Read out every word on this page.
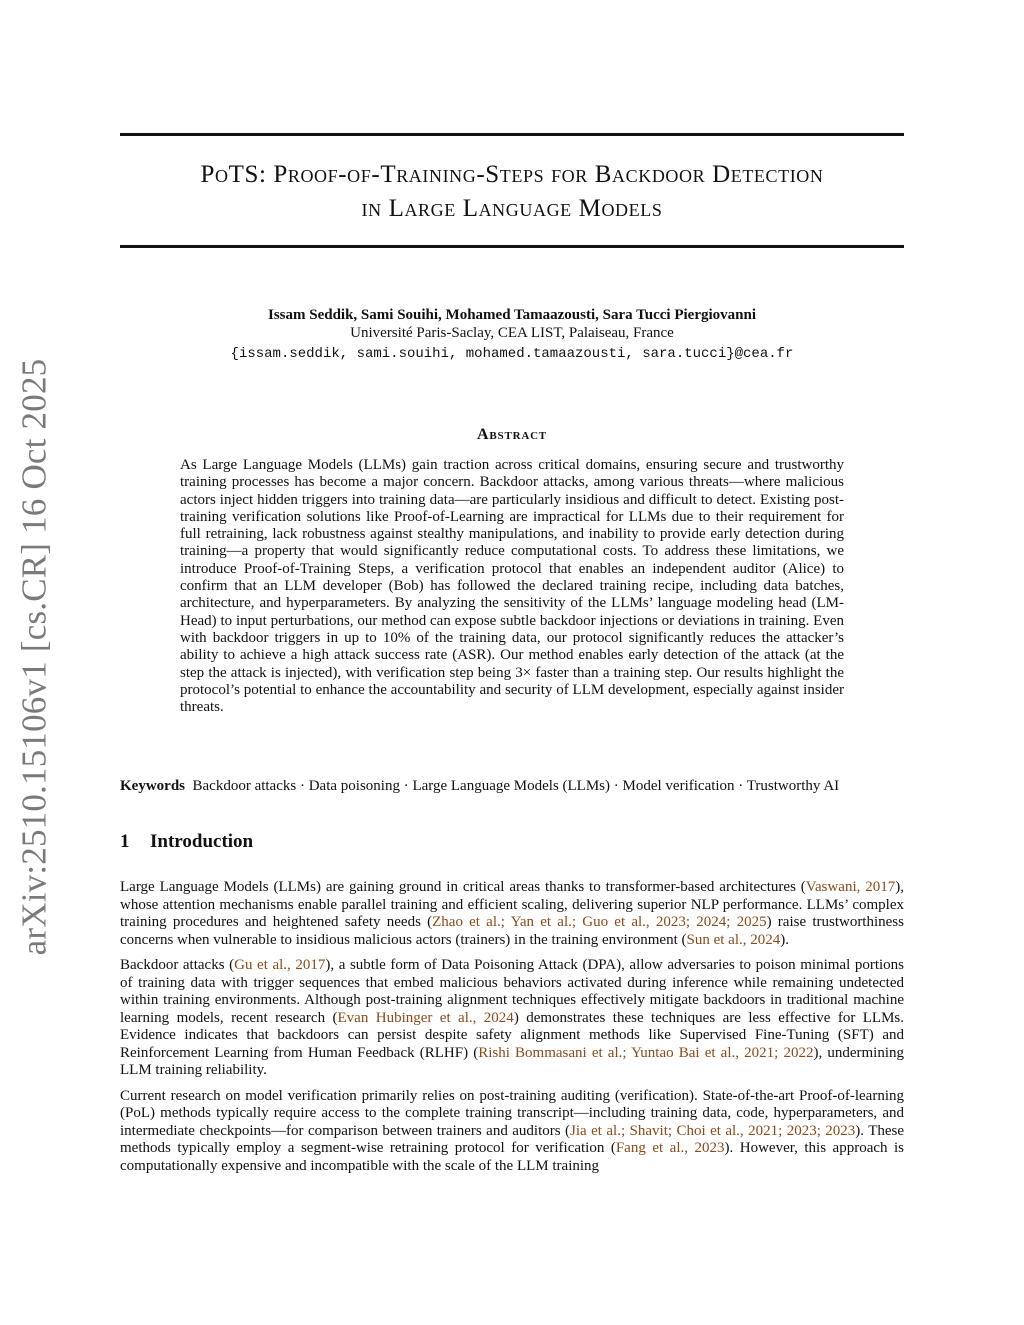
arXiv:2510.15106v1 [cs.CR] 16 Oct 2025
PoTS: Proof-of-Training-Steps for Backdoor Detection
in Large Language Models
Issam Seddik, Sami Souihi, Mohamed Tamaazousti, Sara Tucci Piergiovanni
Université Paris-Saclay, CEA LIST, Palaiseau, France
{issam.seddik, sami.souihi, mohamed.tamaazousti, sara.tucci}@cea.fr
Abstract

As Large Language Models (LLMs) gain traction across critical domains, ensuring secure and trustworthy training processes has become a major concern. Backdoor attacks, among various threats—where malicious actors inject hidden triggers into training data—are particularly insidious and difficult to detect. Existing post-training verification solutions like Proof-of-Learning are impractical for LLMs due to their requirement for full retraining, lack robustness against stealthy manipulations, and inability to provide early detection during training—a property that would significantly reduce computational costs. To address these limitations, we introduce Proof-of-Training Steps, a verification protocol that enables an independent auditor (Alice) to confirm that an LLM developer (Bob) has followed the declared training recipe, including data batches, architecture, and hyperparameters. By analyzing the sensitivity of the LLMs’ language modeling head (LM-Head) to input perturbations, our method can expose subtle backdoor injections or deviations in training. Even with backdoor triggers in up to 10% of the training data, our protocol significantly reduces the attacker’s ability to achieve a high attack success rate (ASR). Our method enables early detection of the attack (at the step the attack is injected), with verification step being 3× faster than a training step. Our results highlight the protocol’s potential to enhance the accountability and security of LLM development, especially against insider threats.

Keywords Backdoor attacks · Data poisoning · Large Language Models (LLMs) · Model verification · Trustworthy AI
1 Introduction

Large Language Models (LLMs) are gaining ground in critical areas thanks to transformer-based architectures (Vaswani, 2017), whose attention mechanisms enable parallel training and efficient scaling, delivering superior NLP performance. LLMs’ complex training procedures and heightened safety needs (Zhao et al.; Yan et al.; Guo et al., 2023; 2024; 2025) raise trustworthiness concerns when vulnerable to insidious malicious actors (trainers) in the training environment (Sun et al., 2024).

Backdoor attacks (Gu et al., 2017), a subtle form of Data Poisoning Attack (DPA), allow adversaries to poison minimal portions of training data with trigger sequences that embed malicious behaviors activated during inference while remaining undetected within training environments. Although post-training alignment techniques effectively mitigate backdoors in traditional machine learning models, recent research (Evan Hubinger et al., 2024) demonstrates these techniques are less effective for LLMs. Evidence indicates that backdoors can persist despite safety alignment methods like Supervised Fine-Tuning (SFT) and Reinforcement Learning from Human Feedback (RLHF) (Rishi Bommasani et al.; Yuntao Bai et al., 2021; 2022), undermining LLM training reliability.

Current research on model verification primarily relies on post-training auditing (verification). State-of-the-art Proof-of-learning (PoL) methods typically require access to the complete training transcript—including training data, code, hyperparameters, and intermediate checkpoints—for comparison between trainers and auditors (Jia et al.; Shavit; Choi et al., 2021; 2023; 2023). These methods typically employ a segment-wise retraining protocol for verification (Fang et al., 2023). However, this approach is computationally expensive and incompatible with the scale of the LLM training
